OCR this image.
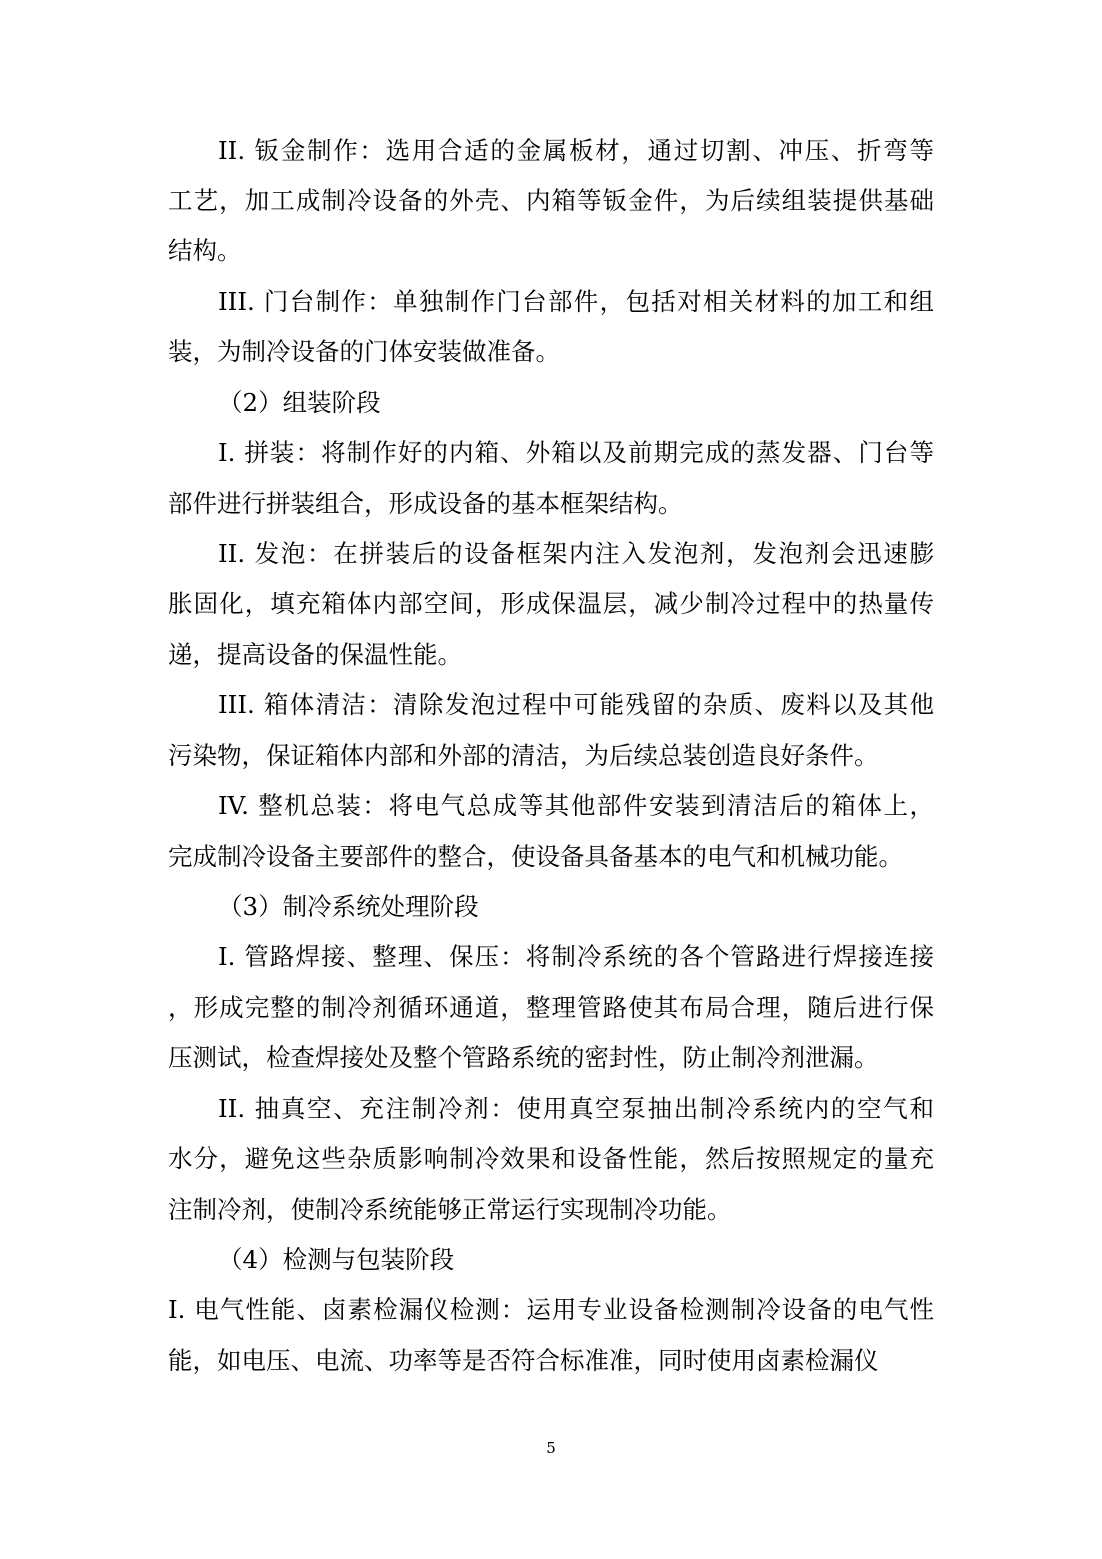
II. 钣金制作：选用合适的金属板材，通过切割、冲压、折弯等
工艺，加工成制冷设备的外壳、内箱等钣金件，为后续组装提供基础
结构。
III. 门台制作：单独制作门台部件，包括对相关材料的加工和组
装，为制冷设备的门体安装做准备。
（2）组装阶段
I. 拼装：将制作好的内箱、外箱以及前期完成的蒸发器、门台等
部件进行拼装组合，形成设备的基本框架结构。
II. 发泡：在拼装后的设备框架内注入发泡剂，发泡剂会迅速膨
胀固化，填充箱体内部空间，形成保温层，减少制冷过程中的热量传
递，提高设备的保温性能。
III. 箱体清洁：清除发泡过程中可能残留的杂质、废料以及其他
污染物，保证箱体内部和外部的清洁，为后续总装创造良好条件。
IV. 整机总装：将电气总成等其他部件安装到清洁后的箱体上，
完成制冷设备主要部件的整合，使设备具备基本的电气和机械功能。
（3）制冷系统处理阶段
I. 管路焊接、整理、保压：将制冷系统的各个管路进行焊接连接
，形成完整的制冷剂循环通道，整理管路使其布局合理，随后进行保
压测试，检查焊接处及整个管路系统的密封性，防止制冷剂泄漏。
II. 抽真空、充注制冷剂：使用真空泵抽出制冷系统内的空气和
水分，避免这些杂质影响制冷效果和设备性能，然后按照规定的量充
注制冷剂，使制冷系统能够正常运行实现制冷功能。
（4）检测与包装阶段
I. 电气性能、卤素检漏仪检测：运用专业设备检测制冷设备的电气性
能，如电压、电流、功率等是否符合标准准，同时使用卤素检漏仪
5
